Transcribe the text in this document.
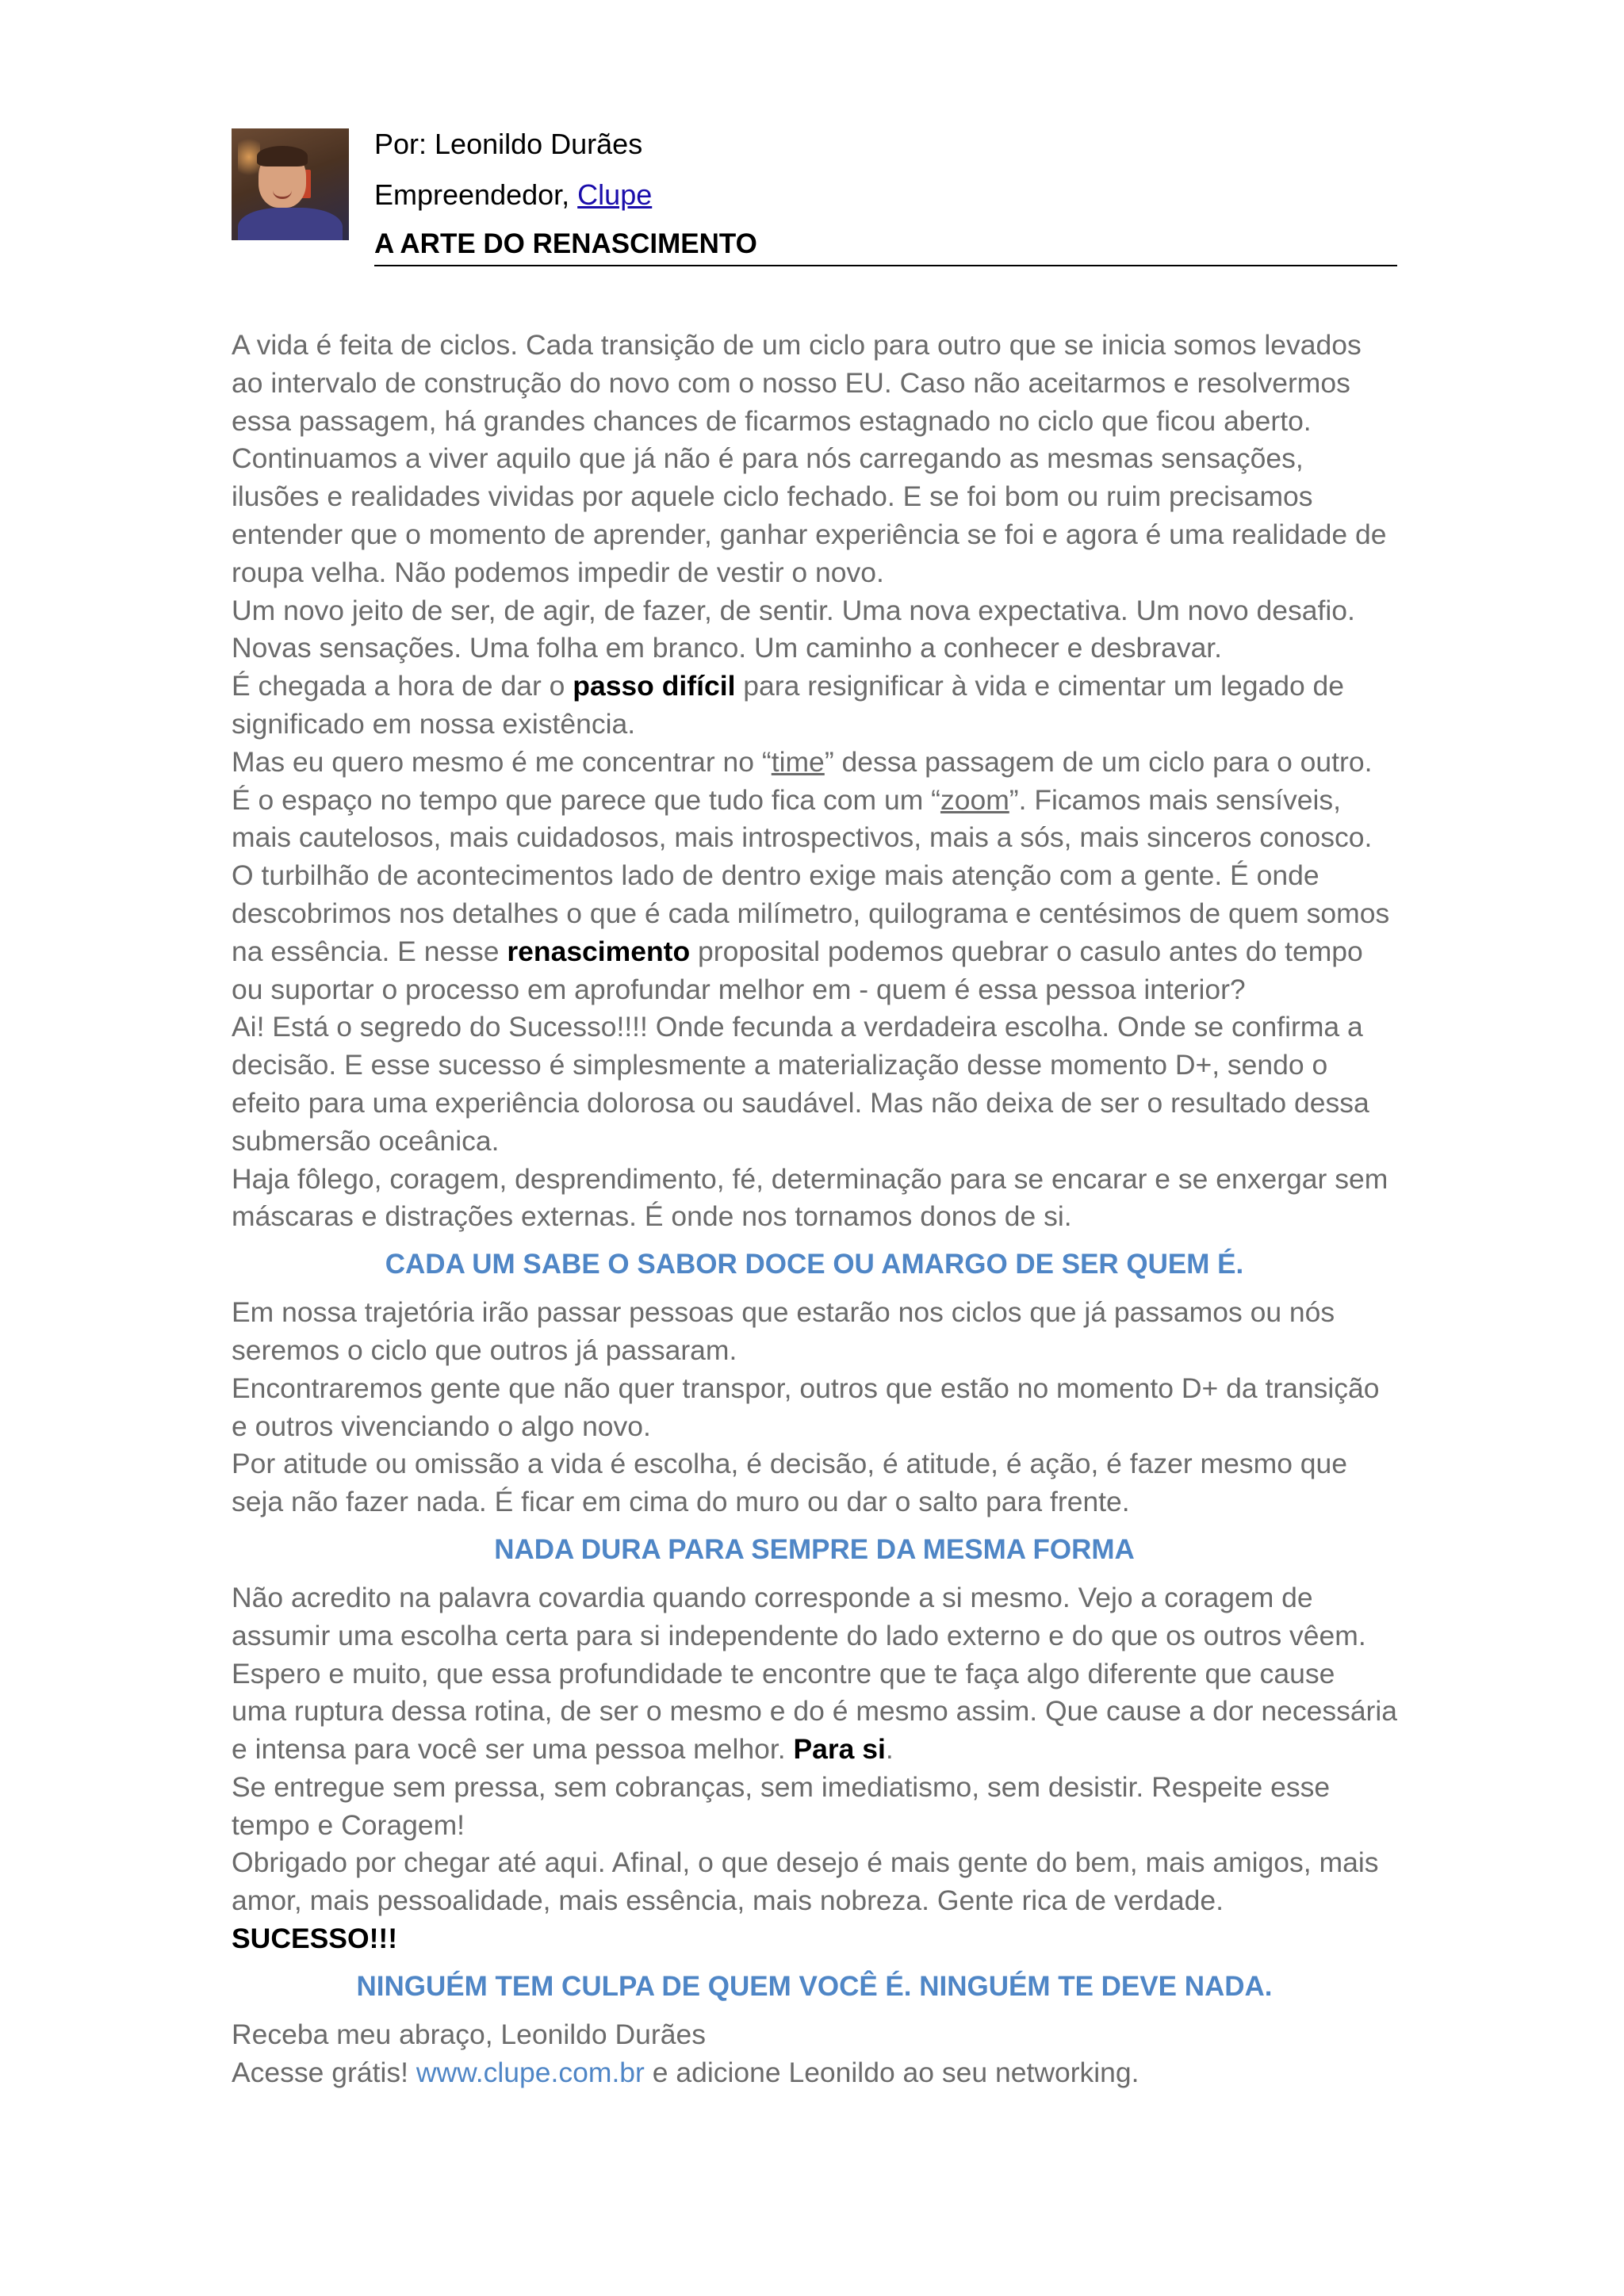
Por: Leonildo Durães
Empreendedor, Clupe
A ARTE DO RENASCIMENTO

A vida é feita de ciclos. Cada transição de um ciclo para outro que se inicia somos levados ao intervalo de construção do novo com o nosso EU. Caso não aceitarmos e resolvermos essa passagem, há grandes chances de ficarmos estagnado no ciclo que ficou aberto. Continuamos a viver aquilo que já não é para nós carregando as mesmas sensações, ilusões e realidades vividas por aquele ciclo fechado. E se foi bom ou ruim precisamos entender que o momento de aprender, ganhar experiência se foi e agora é uma realidade de roupa velha. Não podemos impedir de vestir o novo.

Um novo jeito de ser, de agir, de fazer, de sentir. Uma nova expectativa. Um novo desafio. Novas sensações. Uma folha em branco. Um caminho a conhecer e desbravar.

É chegada a hora de dar o passo difícil para resignificar à vida e cimentar um legado de significado em nossa existência.

Mas eu quero mesmo é me concentrar no “time” dessa passagem de um ciclo para o outro.

É o espaço no tempo que parece que tudo fica com um “zoom”. Ficamos mais sensíveis, mais cautelosos, mais cuidadosos, mais introspectivos, mais a sós, mais sinceros conosco. O turbilhão de acontecimentos lado de dentro exige mais atenção com a gente. É onde descobrimos nos detalhes o que é cada milímetro, quilograma e centésimos de quem somos na essência. E nesse renascimento proposital podemos quebrar o casulo antes do tempo ou suportar o processo em aprofundar melhor em - quem é essa pessoa interior?

Ai! Está o segredo do Sucesso!!!! Onde fecunda a verdadeira escolha. Onde se confirma a decisão. E esse sucesso é simplesmente a materialização desse momento D+, sendo o efeito para uma experiência dolorosa ou saudável. Mas não deixa de ser o resultado dessa submersão oceânica.

Haja fôlego, coragem, desprendimento, fé, determinação para se encarar e se enxergar sem máscaras e distrações externas. É onde nos tornamos donos de si.

CADA UM SABE O SABOR DOCE OU AMARGO DE SER QUEM É.

Em nossa trajetória irão passar pessoas que estarão nos ciclos que já passamos ou nós seremos o ciclo que outros já passaram.

Encontraremos gente que não quer transpor, outros que estão no momento D+ da transição e outros vivenciando o algo novo.

Por atitude ou omissão a vida é escolha, é decisão, é atitude, é ação, é fazer mesmo que seja não fazer nada. É ficar em cima do muro ou dar o salto para frente.

NADA DURA PARA SEMPRE DA MESMA FORMA

Não acredito na palavra covardia quando corresponde a si mesmo. Vejo a coragem de assumir uma escolha certa para si independente do lado externo e do que os outros vêem. Espero e muito, que essa profundidade te encontre que te faça algo diferente que cause uma ruptura dessa rotina, de ser o mesmo e do é mesmo assim. Que cause a dor necessária e intensa para você ser uma pessoa melhor. Para si.

Se entregue sem pressa, sem cobranças, sem imediatismo, sem desistir. Respeite esse tempo e Coragem!

Obrigado por chegar até aqui. Afinal, o que desejo é mais gente do bem, mais amigos, mais amor, mais pessoalidade, mais essência, mais nobreza. Gente rica de verdade.

SUCESSO!!!

NINGUÉM TEM CULPA DE QUEM VOCÊ É. NINGUÉM TE DEVE NADA.

Receba meu abraço, Leonildo Durães

Acesse grátis! www.clupe.com.br e adicione Leonildo ao seu networking.
